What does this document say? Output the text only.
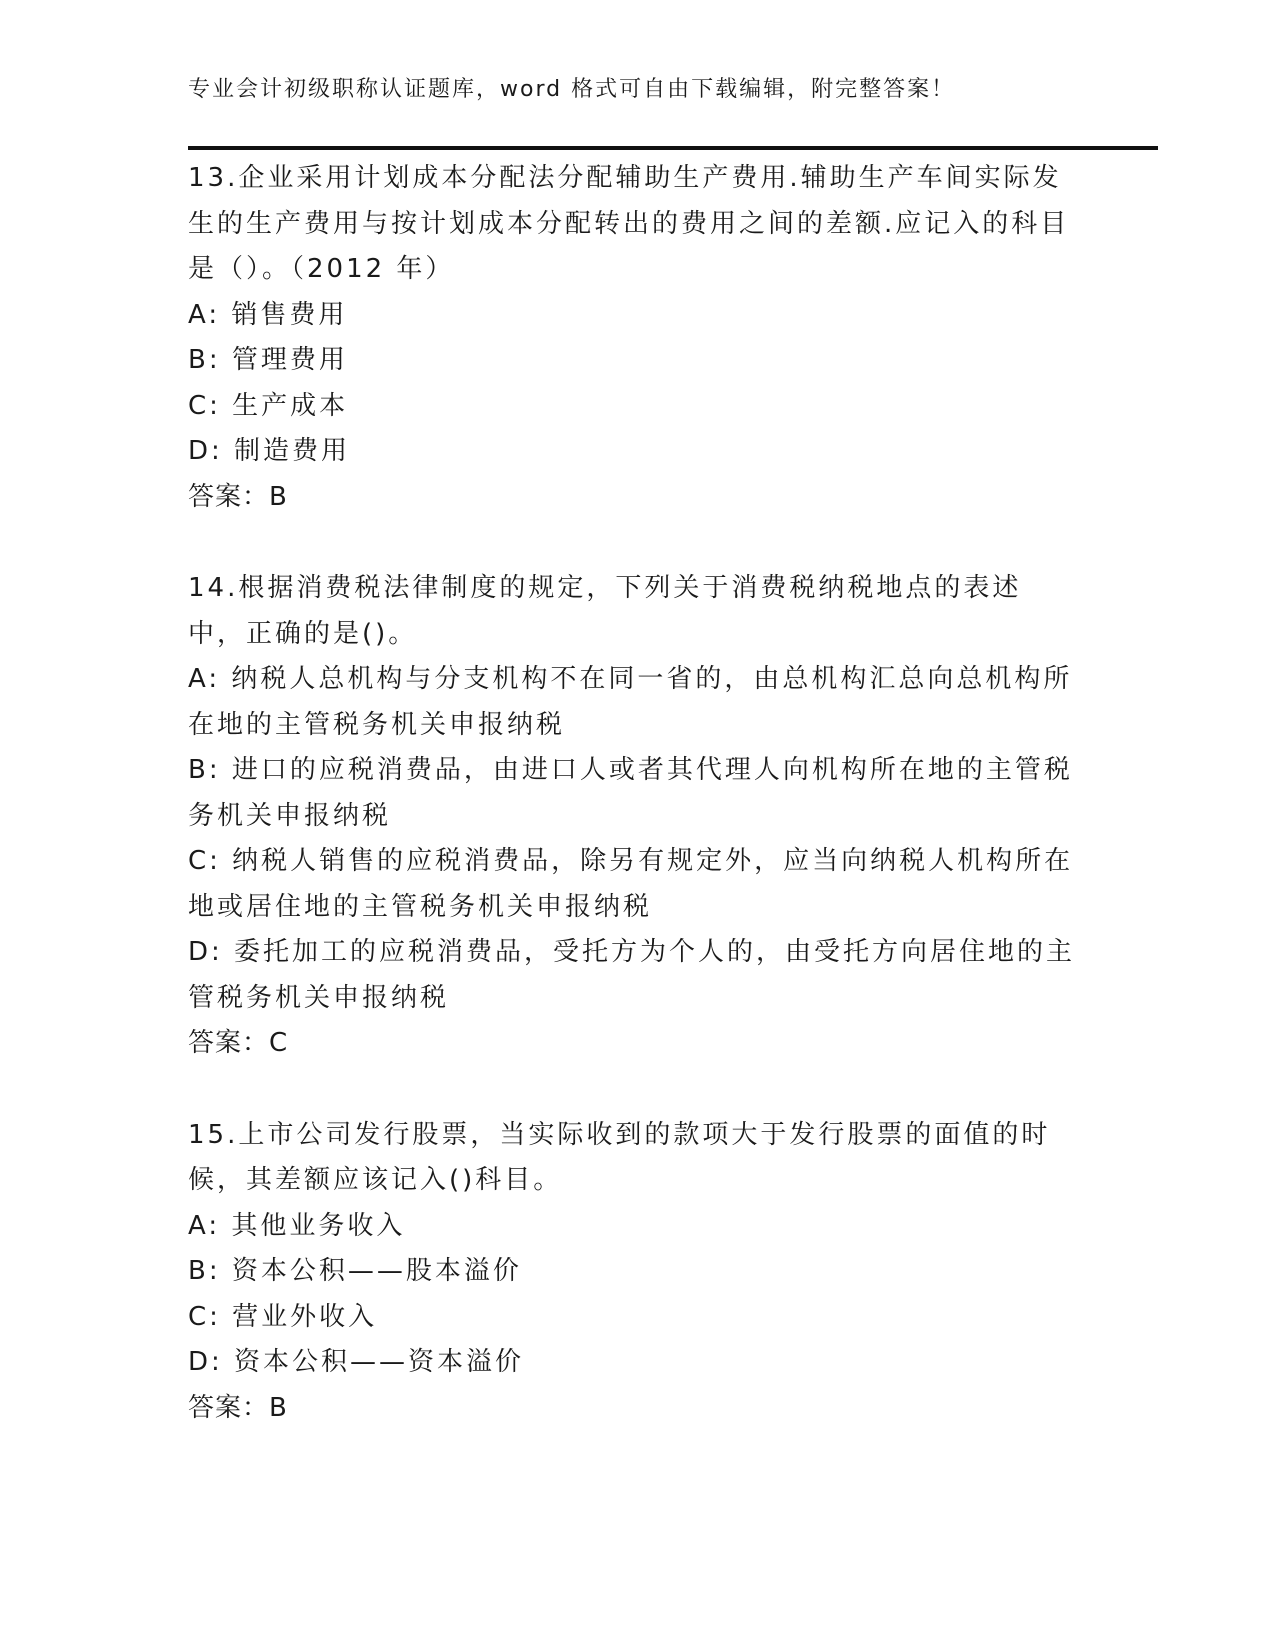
专业会计初级职称认证题库，word 格式可自由下载编辑，附完整答案！
13.企业采用计划成本分配法分配辅助生产费用.辅助生产车间实际发生的生产费用与按计划成本分配转出的费用之间的差额.应记入的科目是（）。（2012 年）
A: 销售费用
B: 管理费用
C: 生产成本
D: 制造费用
答案：B
14.根据消费税法律制度的规定，下列关于消费税纳税地点的表述中，正确的是()。
A: 纳税人总机构与分支机构不在同一省的，由总机构汇总向总机构所在地的主管税务机关申报纳税
B: 进口的应税消费品，由进口人或者其代理人向机构所在地的主管税务机关申报纳税
C: 纳税人销售的应税消费品，除另有规定外，应当向纳税人机构所在地或居住地的主管税务机关申报纳税
D: 委托加工的应税消费品，受托方为个人的，由受托方向居住地的主管税务机关申报纳税
答案：C
15.上市公司发行股票，当实际收到的款项大于发行股票的面值的时候，其差额应该记入()科目。
A: 其他业务收入
B: 资本公积——股本溢价
C: 营业外收入
D: 资本公积——资本溢价
答案：B
